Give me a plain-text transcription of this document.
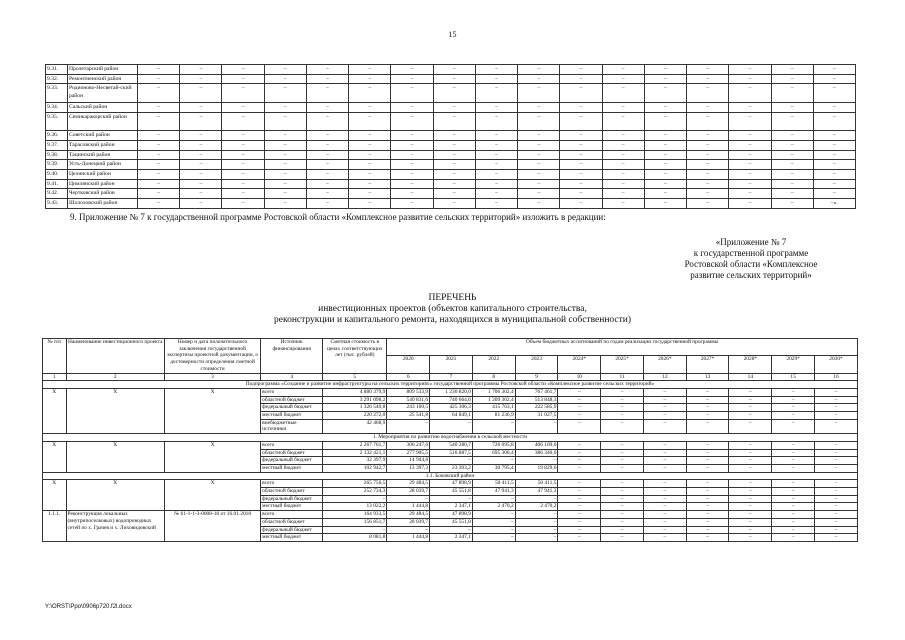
15
9.31.	Пролетарский район	–	–	–	–	–	–	–	–	–	–	–	–	–	–	–	–	–
9.32.	Ремонтненский район	–	–	–	–	–	–	–	–	–	–	–	–	–	–	–	–	–
9.33.	Родионово-Несветай-ский район	–	–	–	–	–	–	–	–	–	–	–	–	–	–	–	–	–
9.34.	Сальский район	–	–	–	–	–	–	–	–	–	–	–	–	–	–	–	–	–
9.35.	Семикаракорский район	–	–	–	–	–	–	–	–	–	–	–	–	–	–	–	–	–
9.36.	Советский район	–	–	–	–	–	–	–	–	–	–	–	–	–	–	–	–	–
9.37.	Тарасовский район	–	–	–	–	–	–	–	–	–	–	–	–	–	–	–	–	–
9.38.	Тацинский район	–	–	–	–	–	–	–	–	–	–	–	–	–	–	–	–	–
9.39.	Усть-Донецкий район	–	–	–	–	–	–	–	–	–	–	–	–	–	–	–	–	–
9.40.	Целинский район	–	–	–	–	–	–	–	–	–	–	–	–	–	–	–	–	–
9.41.	Цимлянский район	–	–	–	–	–	–	–	–	–	–	–	–	–	–	–	–	–
9.42.	Чертковский район	–	–	–	–	–	–	–	–	–	–	–	–	–	–	–	–	–
9.43.	Шолоховский район	–	–	–	–	–	–	–	–	–	–	–	–	–	–	–	–	–».
9. Приложение № 7 к государственной программе Ростовской области «Комплексное развитие сельских территорий» изложить в редакции:
«Приложение № 7
к государственной программе
Ростовской области «Комплексное
развитие сельских территорий»
ПЕРЕЧЕНЬ
инвестиционных проектов (объектов капитального строительства,
реконструкции и капитального ремонта, находящихся в муниципальной собственности)
№ п/п	Наименование инвестиционного проекта	Номер и дата положительного заключения государственной экспертизы проектной документации, о достоверности определения сметной стоимости	Источник финансирования	Сметная стоимость в ценах соответствующих лет (тыс. рублей)	Объем бюджетных ассигнований по годам реализации государственной программы										
					2020	2021	2022	2023	2024*	2025*	2026*	2027*	2028*	2029*	2030*
1	2	3	4	5	6	7	8	9	10	11	12	13	14	15	16
Подпрограмма «Создание и развитие инфраструктуры на сельских территориях» государственной программы Ростовской области «Комплексное развитие сельских территорий»															
Х	Х	Х	всего	4 880 379,9	809 533,9	1 230 820,0	1 706 302,4	767 461,7	–	–	–	–	–	–	–
			областной бюджет	3 291 098,2	540 831,6	740 664,6	1 209 302,4	513 848,3	–	–	–	–	–	–	–
			федеральный бюджет	1 326 540,8	243 160,5	425 306,3	415 763,1	222 585,9	–	–	–	–	–	–	–
			местный бюджет	220 272,0	25 541,8	64 849,1	81 236,9	31 027,5	–	–	–	–	–	–	–
			внебюджетные источники	42 468,9	–	–	–	–	–	–	–	–	–	–	–
1. Мероприятия по развитию водоснабжения в сельской местности															
Х	Х	Х	всего	2 267 761,7	306 247,6	540 280,7	726 095,8	406 169,6	–	–	–	–	–	–	–
			областной бюджет	2 132 421,1	277 905,5	516 887,5	695 300,4	386 340,0	–	–	–	–	–	–	–
			федеральный бюджет	32 397,9	14 944,8	–	–	–	–	–	–	–	–	–	–
			местный бюджет	102 942,7	13 397,3	23 393,2	30 795,4	19 829,6	–	–	–	–	–	–	–
1.1. Боковский район															
Х	Х	Х	всего	265 756,5	29 484,5	47 898,9	50 411,5	50 411,5	–	–	–	–	–	–	–
			областной бюджет	252 734,3	28 039,7	45 551,8	47 941,3	47 941,3	–	–	–	–	–	–	–
			федеральный бюджет	–	–	–	–	–	–	–	–	–	–	–	–
			местный бюджет	13 022,2	1 444,8	2 347,1	2 470,2	2 470,2	–	–	–	–	–	–	–
1.1.1.	Реконструкция локальных (внутрипоселковых) водопроводных сетей по х. Грачев и х. Лиховидовский	№ 61-1-1-3-0008-18 от 16.01.2018	всего	164 933,5	29 484,5	47 898,9	–	–	–	–	–	–	–	–	–
			областной бюджет	156 851,7	28 039,7	45 551,8	–	–	–	–	–	–	–	–	–
			федеральный бюджет	–	–	–	–	–	–	–	–	–	–	–	–
			местный бюджет	8 081,8	1 444,8	2 347,1	–	–	–	–	–	–	–	–	–
Y:\ORST\Ppo\0906p720.f2l.docx
